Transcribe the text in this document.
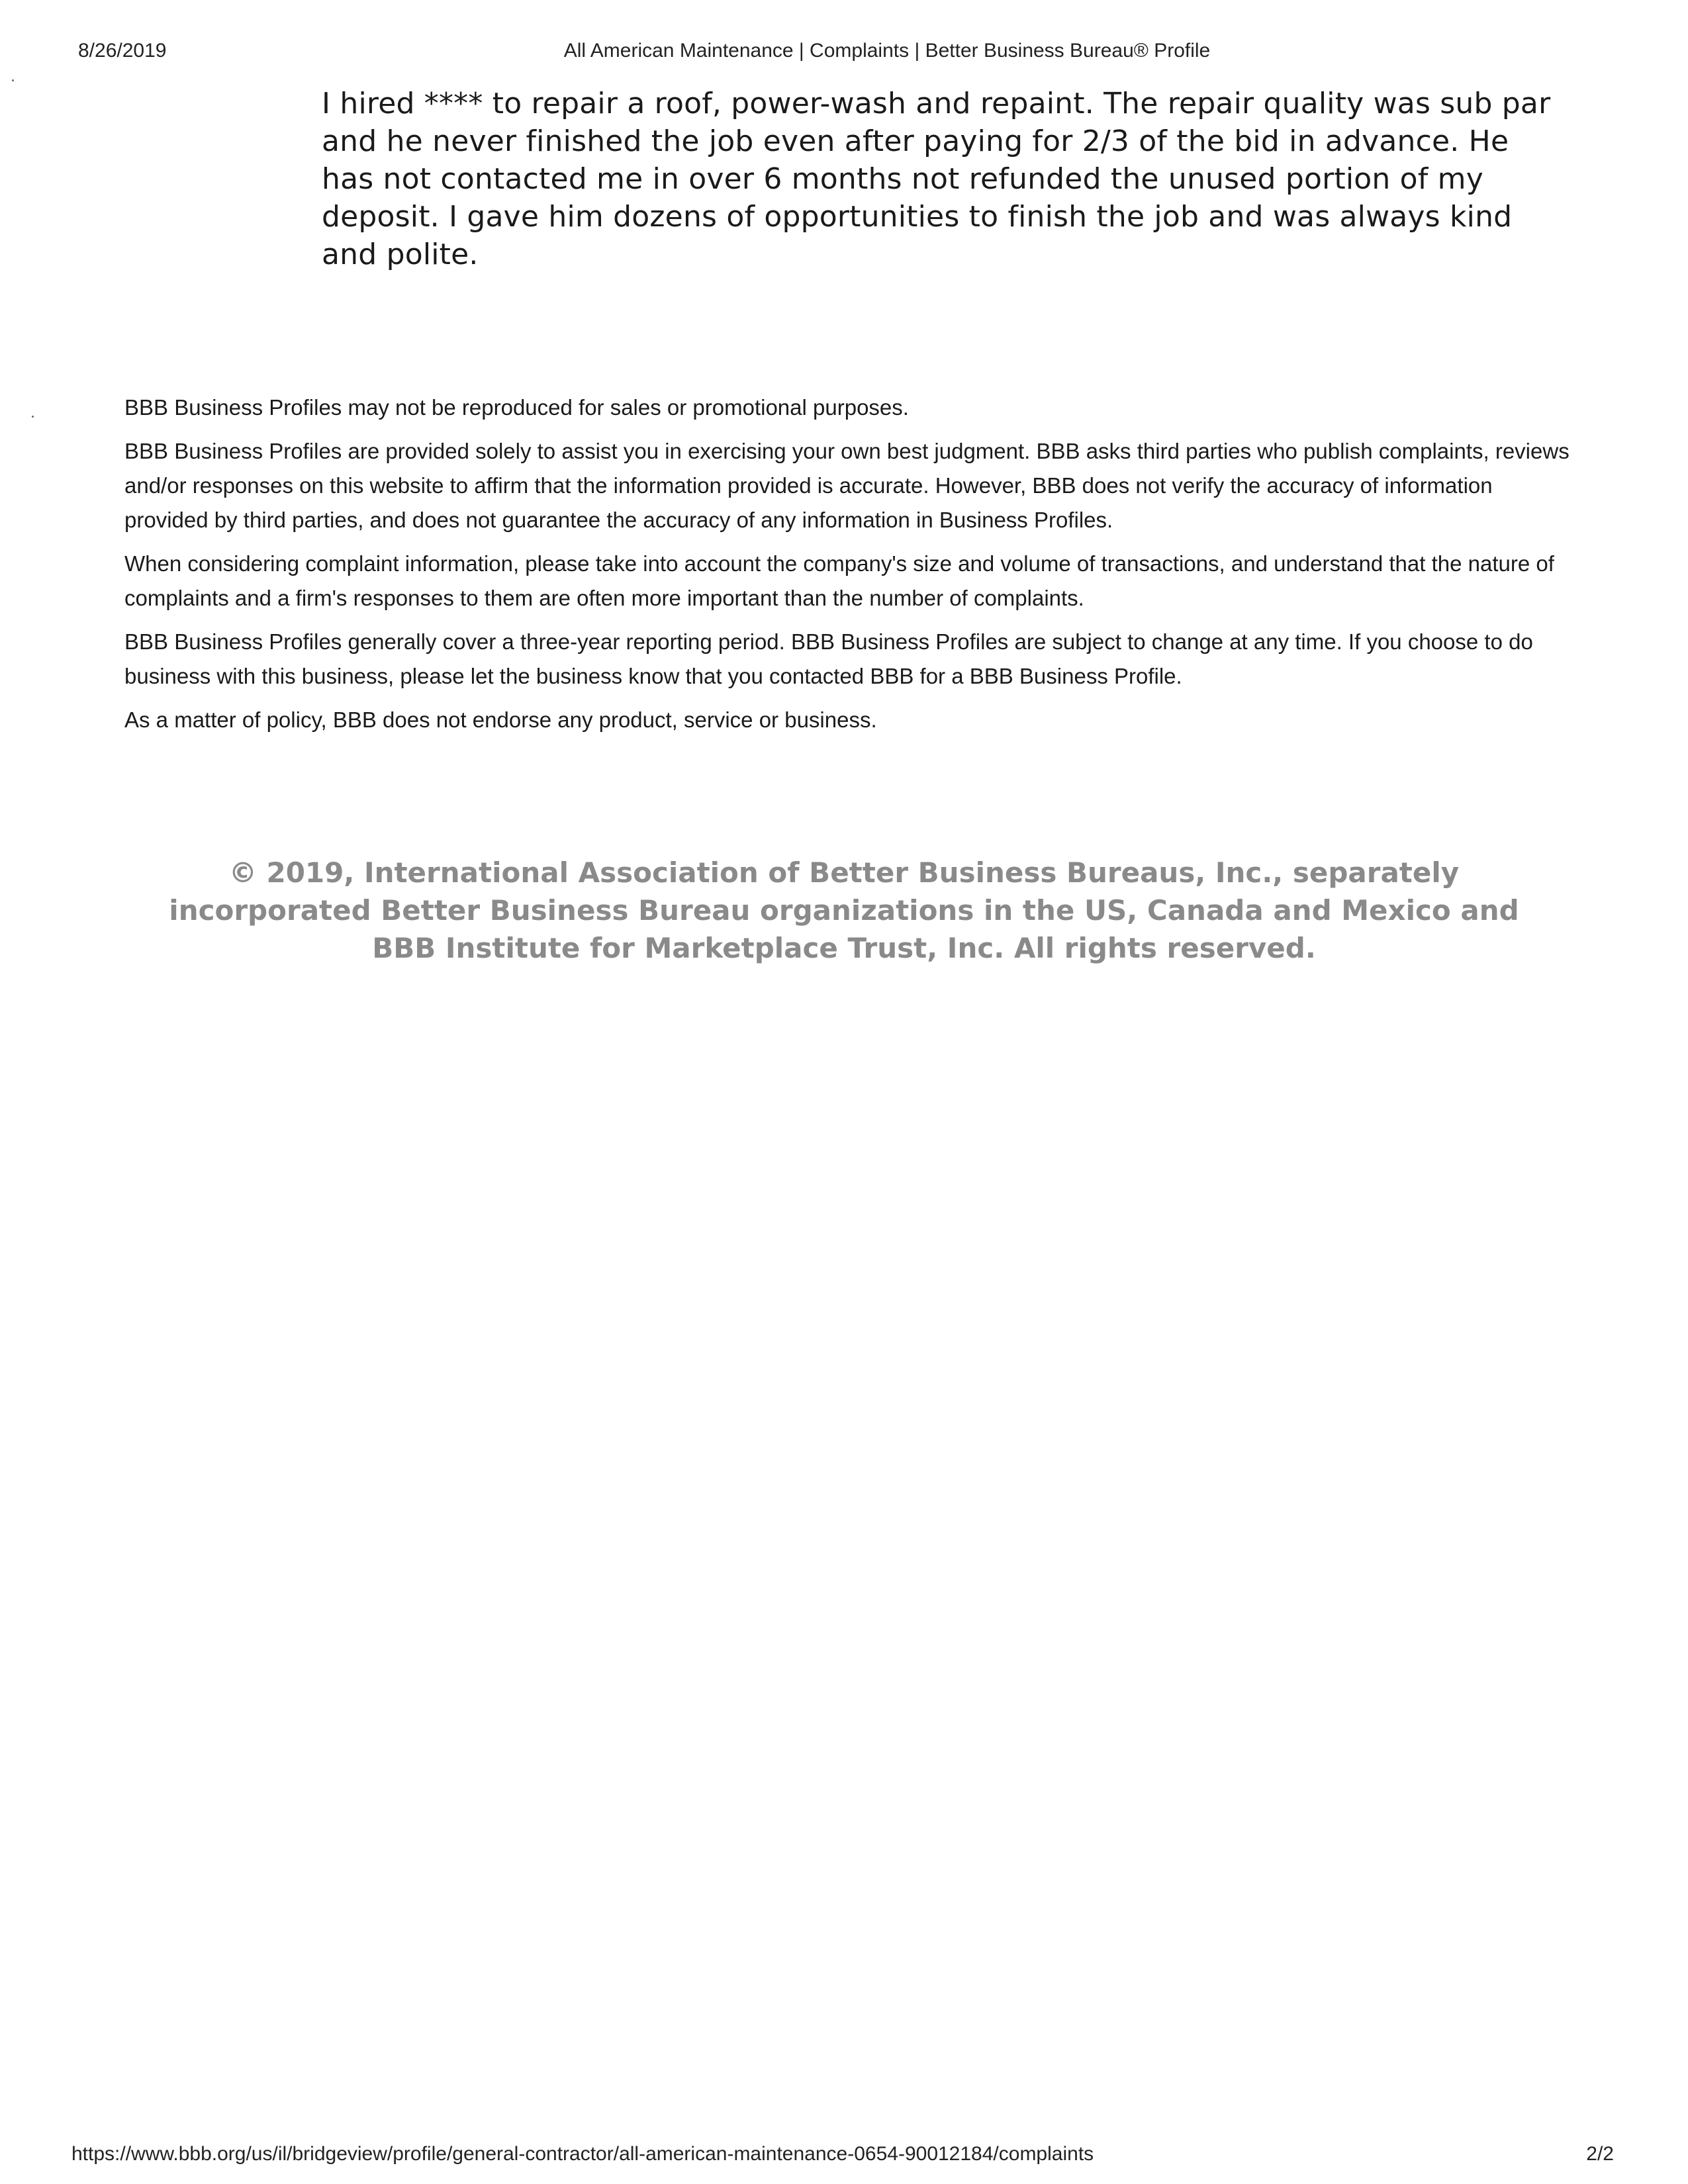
8/26/2019	All American Maintenance | Complaints | Better Business Bureau® Profile
I hired **** to repair a roof, power-wash and repaint. The repair quality was sub par and he never finished the job even after paying for 2/3 of the bid in advance. He has not contacted me in over 6 months not refunded the unused portion of my deposit. I gave him dozens of opportunities to finish the job and was always kind and polite.

BBB Business Profiles may not be reproduced for sales or promotional purposes.

BBB Business Profiles are provided solely to assist you in exercising your own best judgment. BBB asks third parties who publish complaints, reviews and/or responses on this website to affirm that the information provided is accurate. However, BBB does not verify the accuracy of information provided by third parties, and does not guarantee the accuracy of any information in Business Profiles.

When considering complaint information, please take into account the company's size and volume of transactions, and understand that the nature of complaints and a firm's responses to them are often more important than the number of complaints.

BBB Business Profiles generally cover a three-year reporting period. BBB Business Profiles are subject to change at any time. If you choose to do business with this business, please let the business know that you contacted BBB for a BBB Business Profile.

As a matter of policy, BBB does not endorse any product, service or business.

© 2019, International Association of Better Business Bureaus, Inc., separately incorporated Better Business Bureau organizations in the US, Canada and Mexico and BBB Institute for Marketplace Trust, Inc. All rights reserved.
https://www.bbb.org/us/il/bridgeview/profile/general-contractor/all-american-maintenance-0654-90012184/complaints	2/2
